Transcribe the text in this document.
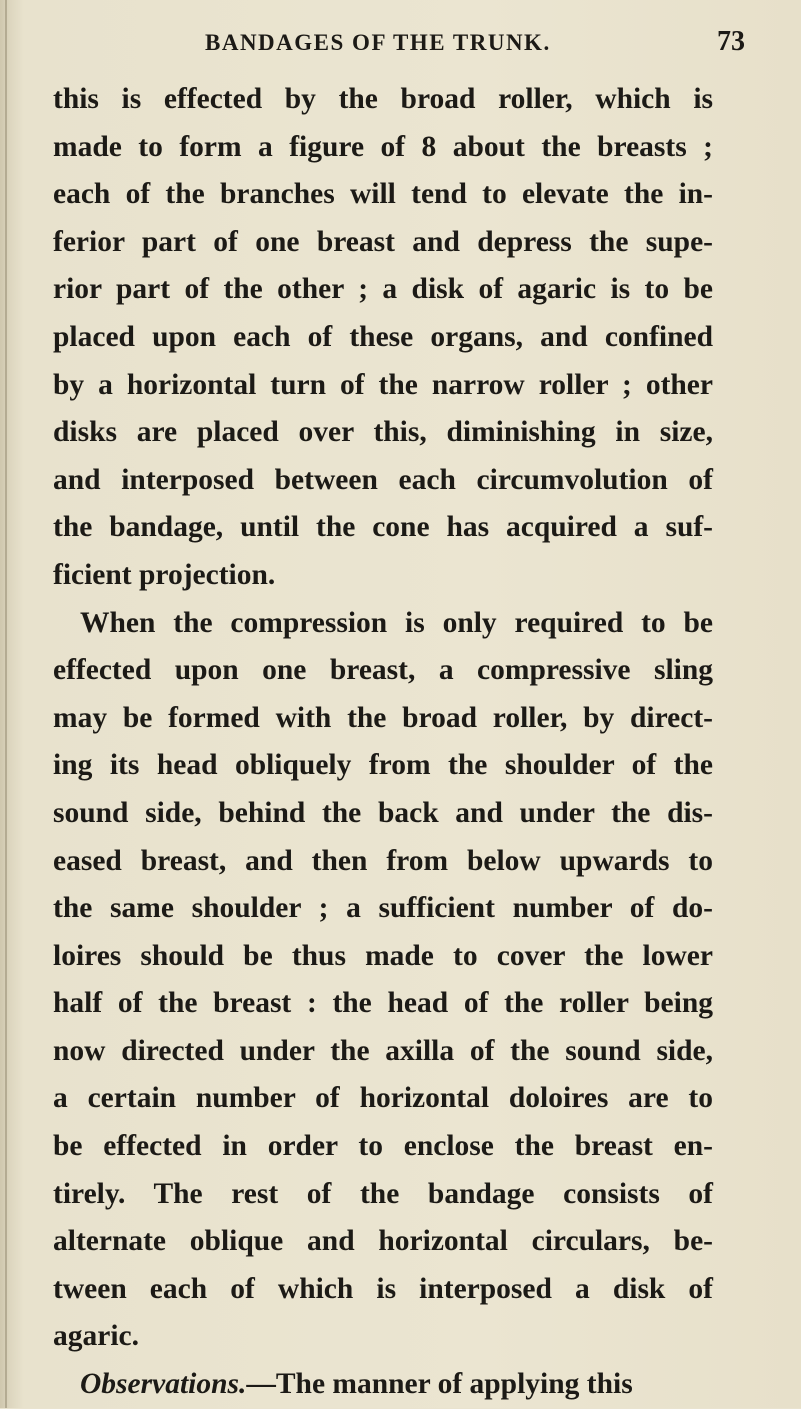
BANDAGES OF THE TRUNK.	73
this is effected by the broad roller, which is
made to form a figure of 8 about the breasts ;
each of the branches will tend to elevate the in-
ferior part of one breast and depress the supe-
rior part of the other ; a disk of agaric is to be
placed upon each of these organs, and confined
by a horizontal turn of the narrow roller ; other
disks are placed over this, diminishing in size,
and interposed between each circumvolution of
the bandage, until the cone has acquired a suf-
ficient projection.
When the compression is only required to be
effected upon one breast, a compressive sling
may be formed with the broad roller, by direct-
ing its head obliquely from the shoulder of the
sound side, behind the back and under the dis-
eased breast, and then from below upwards to
the same shoulder ; a sufficient number of do-
loires should be thus made to cover the lower
half of the breast : the head of the roller being
now directed under the axilla of the sound side,
a certain number of horizontal doloires are to
be effected in order to enclose the breast en-
tirely. The rest of the bandage consists of
alternate oblique and horizontal circulars, be-
tween each of which is interposed a disk of
agaric.
Observations.—The manner of applying this
